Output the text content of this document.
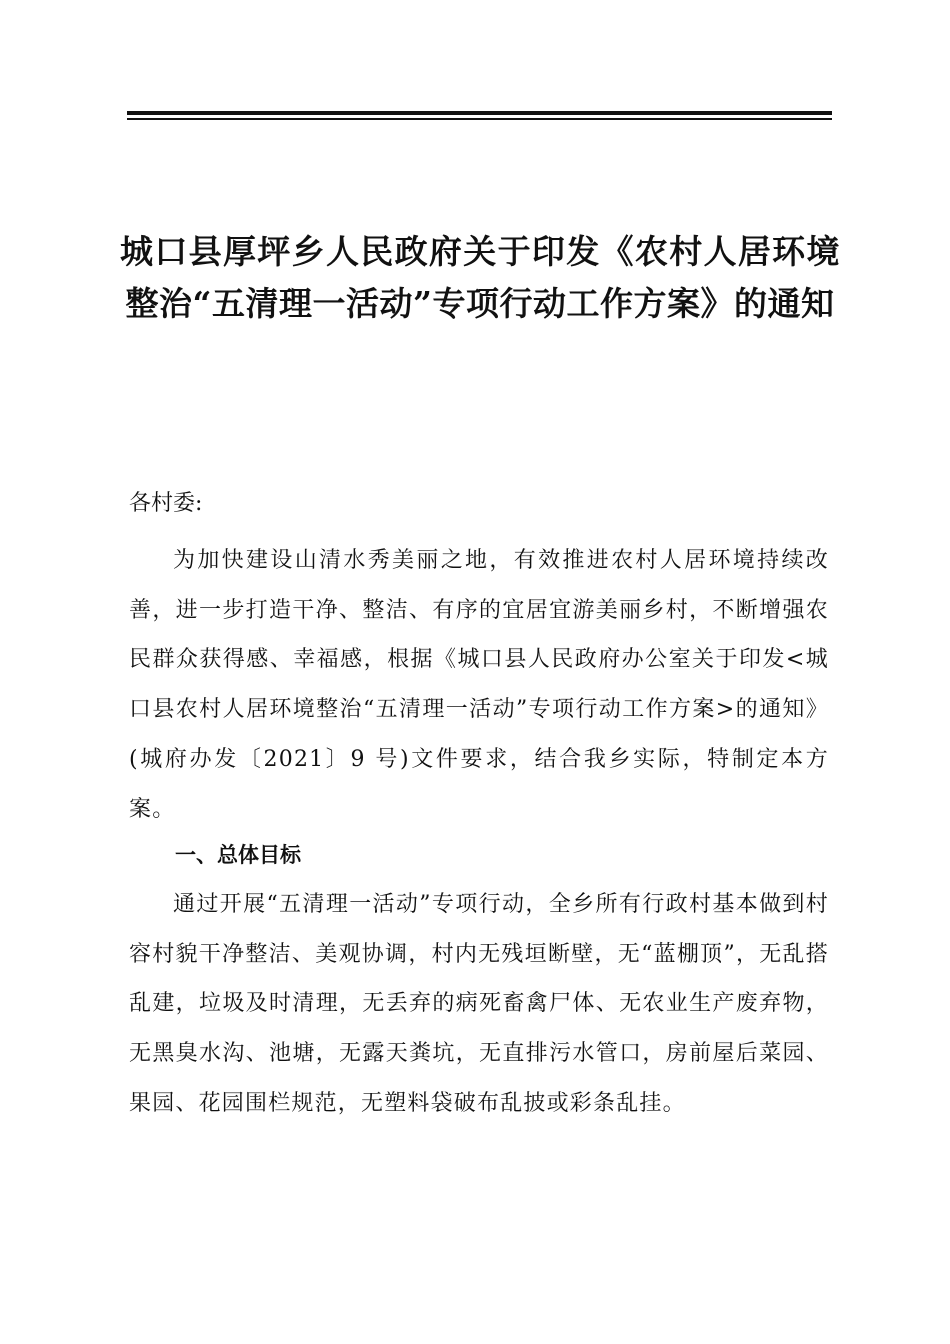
城口县厚坪乡人民政府关于印发《农村人居环境整治“五清理一活动”专项行动工作方案》的通知

各村委:

为加快建设山清水秀美丽之地，有效推进农村人居环境持续改善，进一步打造干净、整洁、有序的宜居宜游美丽乡村，不断增强农民群众获得感、幸福感，根据《城口县人民政府办公室关于印发<城口县农村人居环境整治“五清理一活动”专项行动工作方案>的通知》(城府办发〔2021〕9 号)文件要求，结合我乡实际，特制定本方案。

一、总体目标

通过开展“五清理一活动”专项行动，全乡所有行政村基本做到村容村貌干净整洁、美观协调，村内无残垣断壁，无“蓝棚顶”，无乱搭乱建，垃圾及时清理，无丢弃的病死畜禽尸体、无农业生产废弃物，无黑臭水沟、池塘，无露天粪坑，无直排污水管口，房前屋后菜园、果园、花园围栏规范，无塑料袋破布乱披或彩条乱挂。
